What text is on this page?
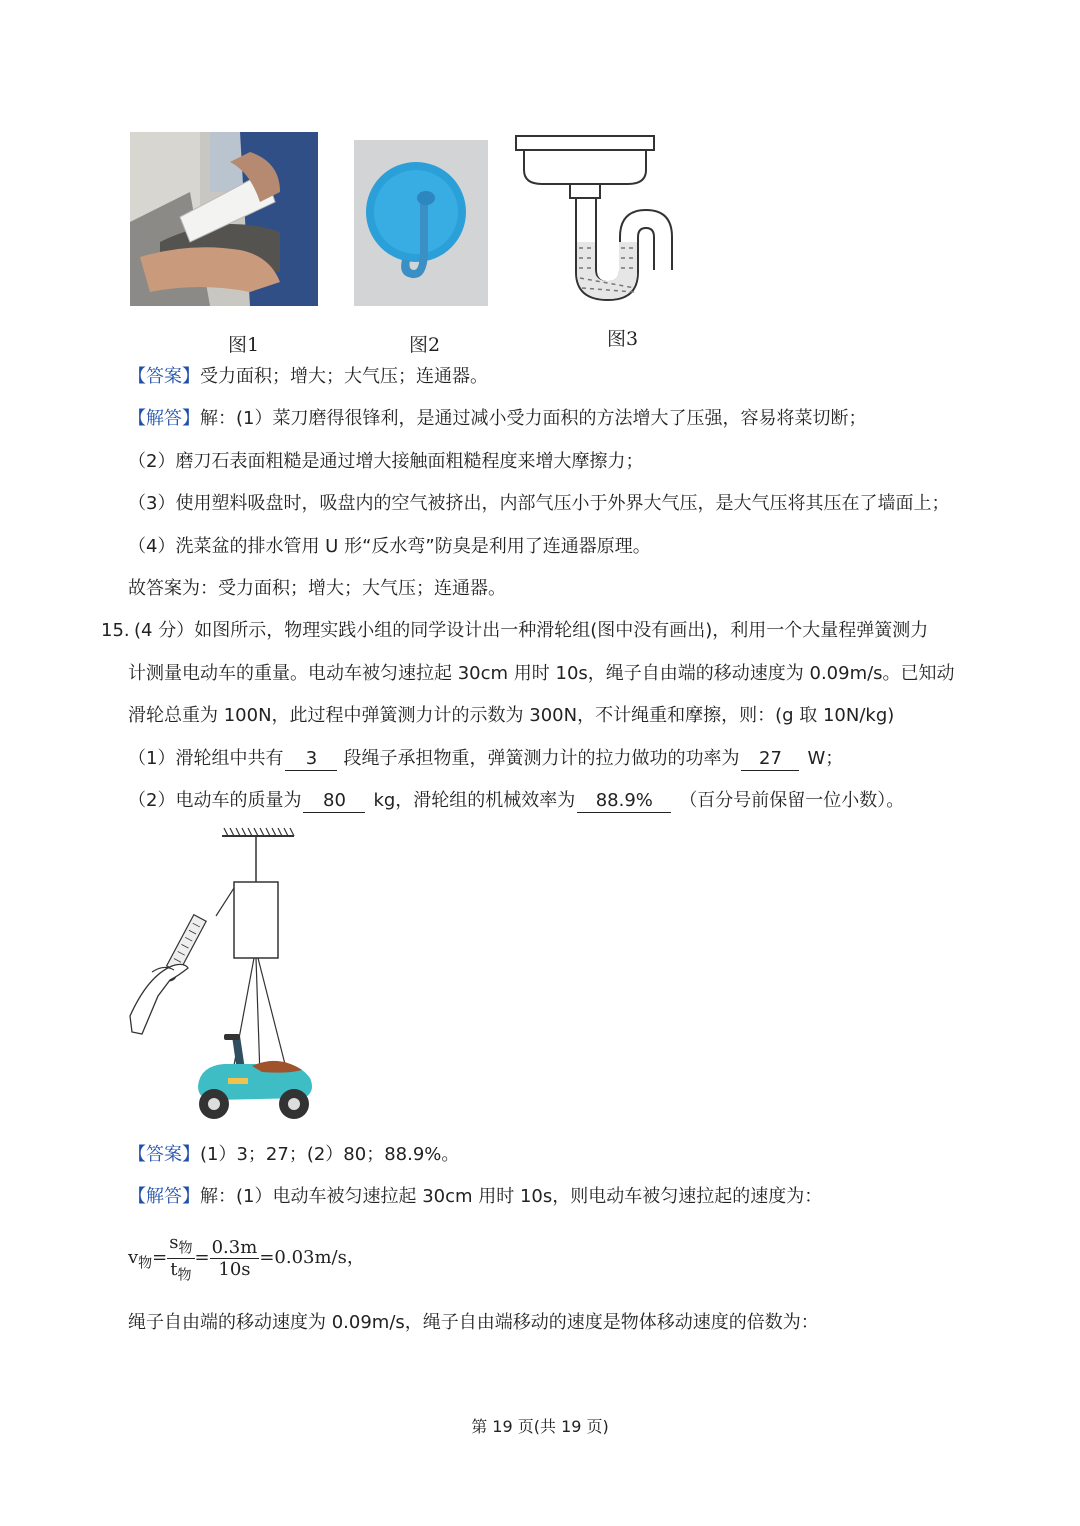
图1	图2	图3
【答案】受力面积；增大；大气压；连通器。
【解答】解：(1）菜刀磨得很锋利，是通过减小受力面积的方法增大了压强，容易将菜切断；
（2）磨刀石表面粗糙是通过增大接触面粗糙程度来增大摩擦力；
（3）使用塑料吸盘时，吸盘内的空气被挤出，内部气压小于外界大气压，是大气压将其压在了墙面上；
（4）洗菜盆的排水管用 U 形“反水弯”防臭是利用了连通器原理。
故答案为：受力面积；增大；大气压；连通器。
15. (4 分）如图所示，物理实践小组的同学设计出一种滑轮组(图中没有画出)，利用一个大量程弹簧测力
计测量电动车的重量。电动车被匀速拉起 30cm 用时 10s，绳子自由端的移动速度为 0.09m/s。已知动
滑轮总重为 100N，此过程中弹簧测力计的示数为 300N，不计绳重和摩擦，则：(g 取 10N/kg)
（1）滑轮组中共有 3 段绳子承担物重，弹簧测力计的拉力做功的功率为 27 W；
（2）电动车的质量为 80 kg，滑轮组的机械效率为 88.9% （百分号前保留一位小数）。
【答案】(1）3；27；(2）80；88.9%。
【解答】解：(1）电动车被匀速拉起 30cm 用时 10s，则电动车被匀速拉起的速度为：
$v_物= \frac{s_物}{t_物} = \frac{0.3m}{10s} =0.03m/s$，
绳子自由端的移动速度为 0.09m/s，绳子自由端移动的速度是物体移动速度的倍数为：
第 19 页(共 19 页)
